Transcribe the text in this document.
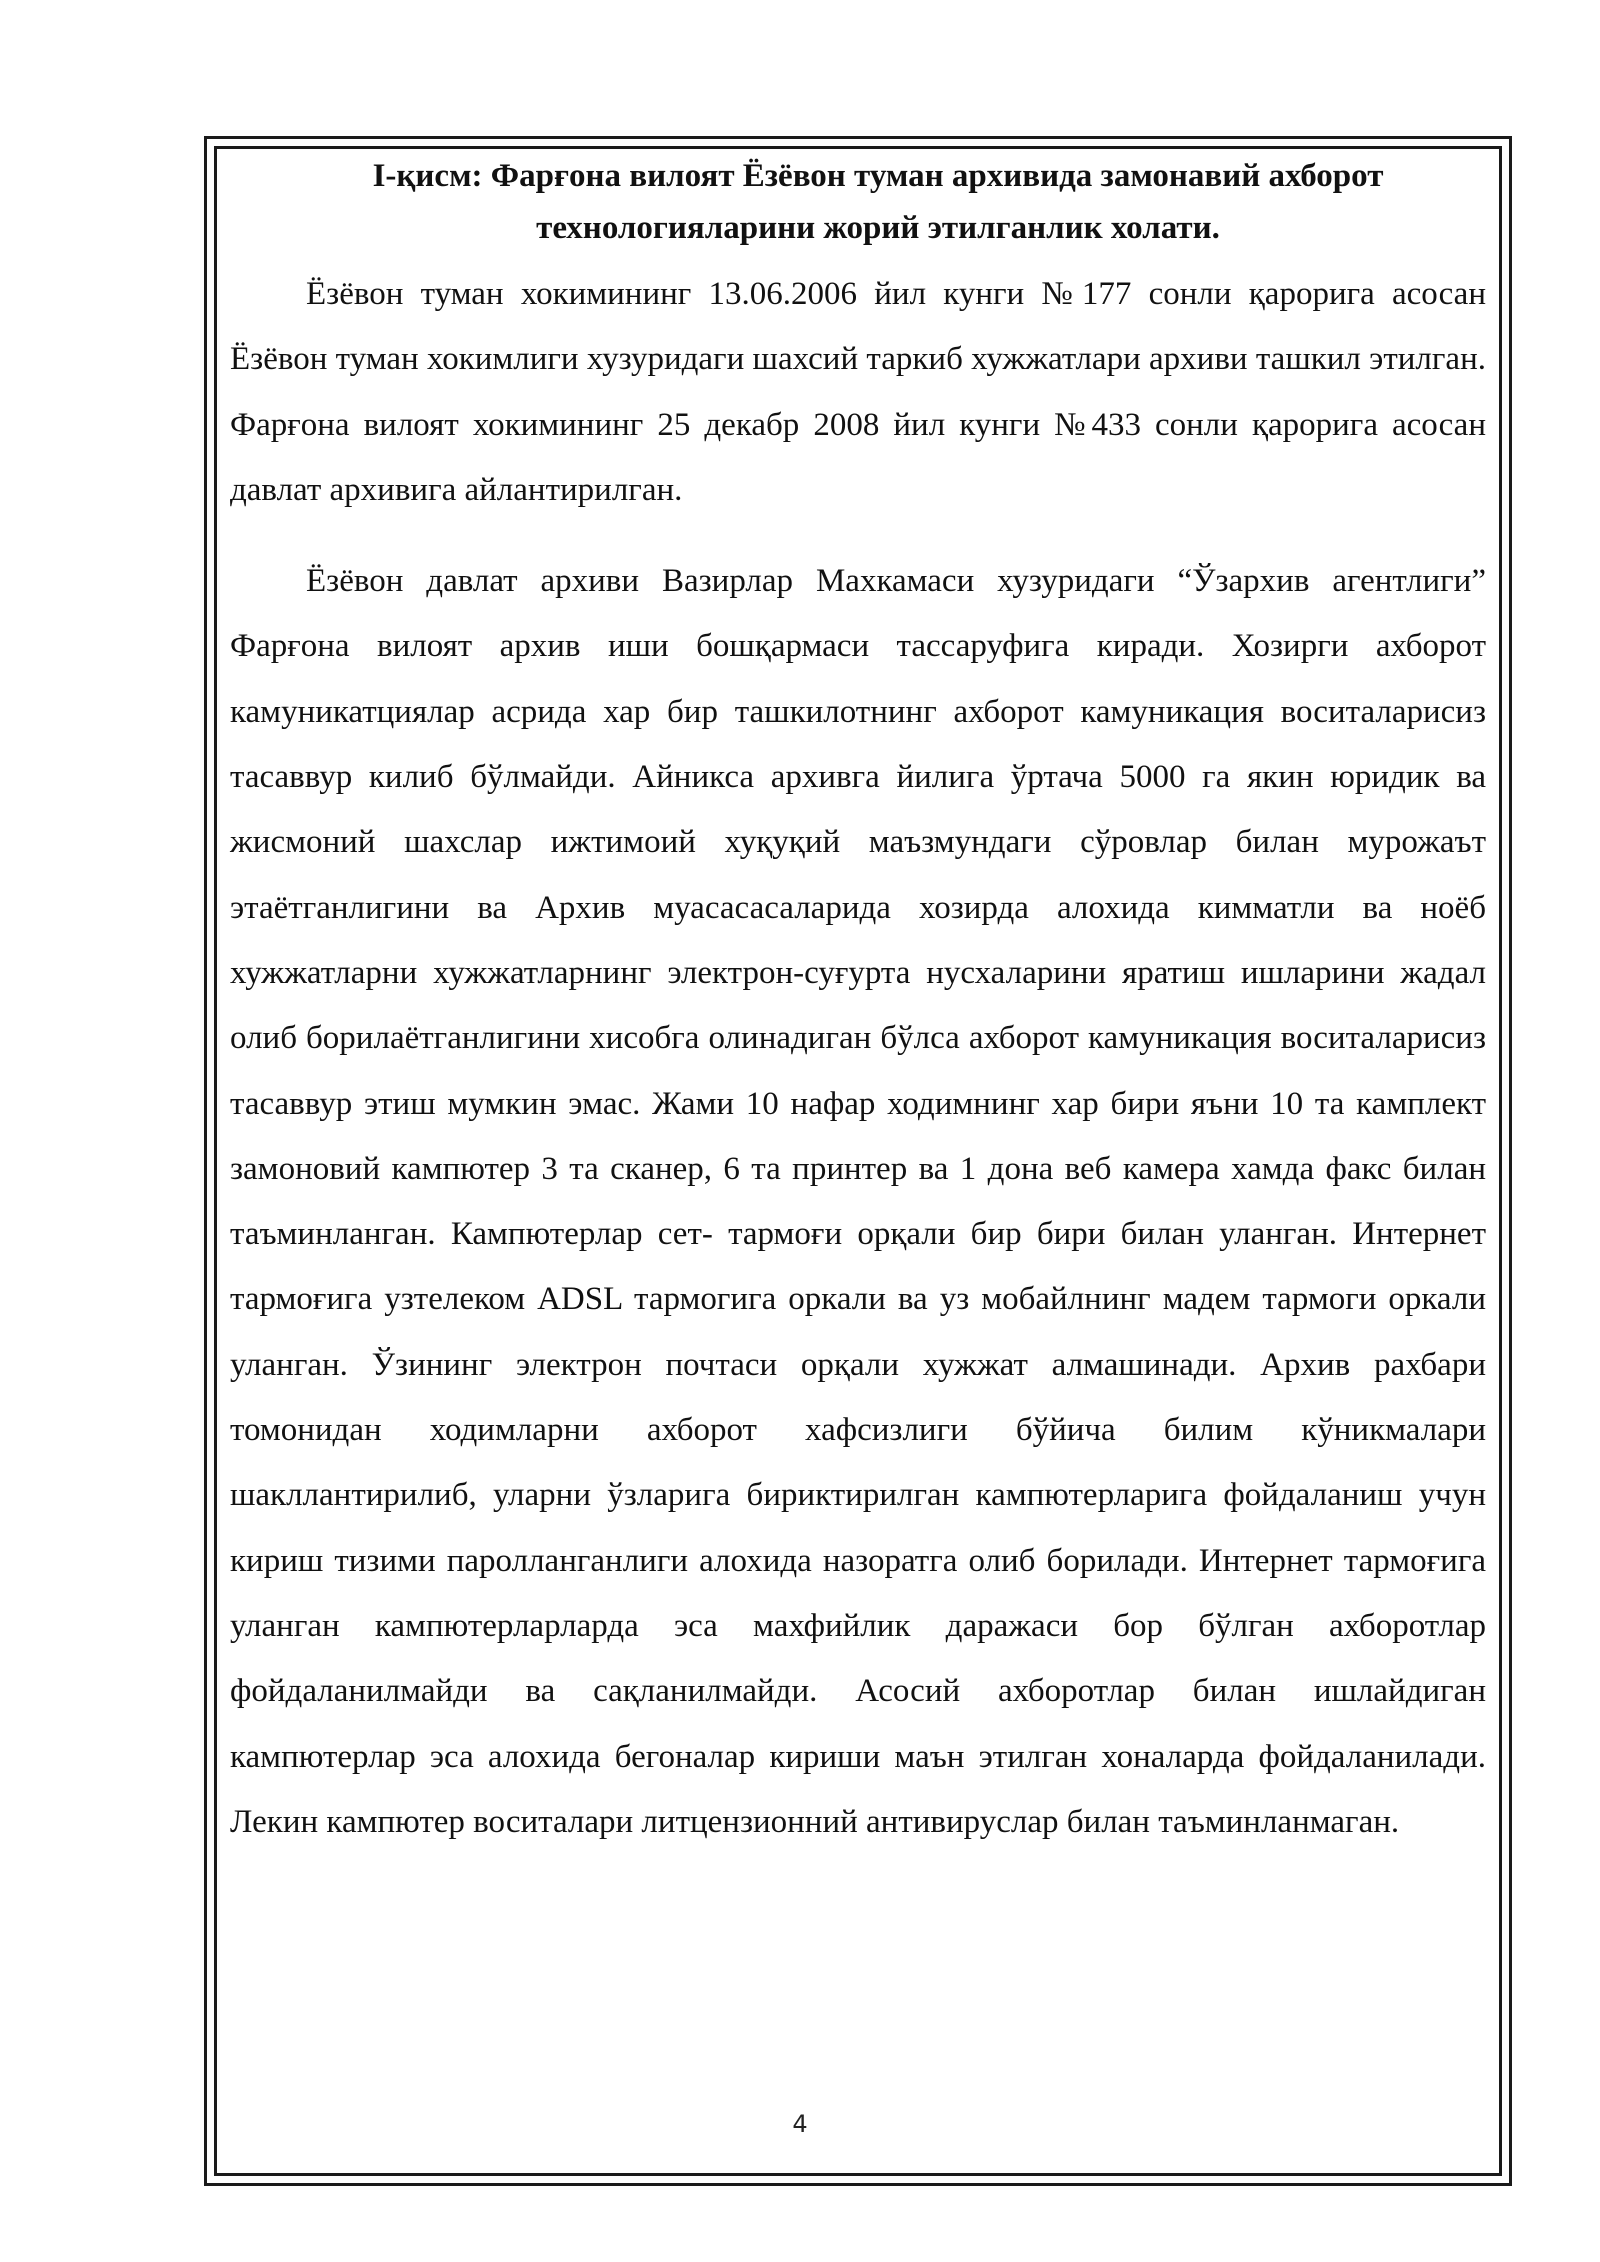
I-қисм: Фарғона вилоят Ёзёвон туман архивида замонавий ахборот
технологияларини жорий этилганлик холати.

Ёзёвон туман хокимининг 13.06.2006 йил кунги №177 сонли қарорига асосан Ёзёвон туман хокимлиги хузуридаги шахсий таркиб хужжатлари архиви ташкил этилган. Фарғона вилоят хокимининг 25 декабр 2008 йил кунги №433 сонли қарорига асосан давлат архивига айлантирилган.

Ёзёвон давлат архиви Вазирлар Махкамаси хузуридаги “Ўзархив агентлиги” Фарғона вилоят архив иши бошқармаси тассаруфига киради. Хозирги ахборот камуникатциялар асрида хар бир ташкилотнинг ахборот камуникация воситаларисиз тасаввур килиб бўлмайди. Айникса архивга йилига ўртача 5000 га якин юридик ва жисмоний шахслар ижтимоий хуқуқий маъзмундаги сўровлар билан мурожаът этаётганлигини ва Архив муасасасаларида хозирда алохида кимматли ва ноёб хужжатларни хужжатларнинг электрон-суғурта нусхаларини яратиш ишларини жадал олиб борилаётганлигини хисобга олинадиган бўлса ахборот камуникация воситаларисиз тасаввур этиш мумкин эмас. Жами 10 нафар ходимнинг хар бири яъни 10 та камплект замоновий кампютер 3 та сканер, 6 та принтер ва 1 дона веб камера хамда факс билан таъминланган. Кампютерлар сет- тармоғи орқали бир бири билан уланган. Интернет тармоғига узтелеком ADSL тармогига оркали ва уз мобайлнинг мадем тармоги оркали уланган. Ўзининг электрон почтаси орқали хужжат алмашинади. Архив рахбари томонидан ходимларни ахборот хафсизлиги бўйича билим кўникмалари шакллантирилиб, уларни ўзларига бириктирилган кампютерларига фойдаланиш учун кириш тизими паролланганлиги алохида назоратга олиб борилади. Интернет тармоғига уланган кампютерларларда эса махфийлик даражаси бор бўлган ахборотлар фойдаланилмайди ва сақланилмайди. Асосий ахборотлар билан ишлайдиган кампютерлар эса алохида бегоналар кириши маън этилган хоналарда фойдаланилади. Лекин кампютер воситалари литцензионний антивируслар билан таъминланмаган.

4
